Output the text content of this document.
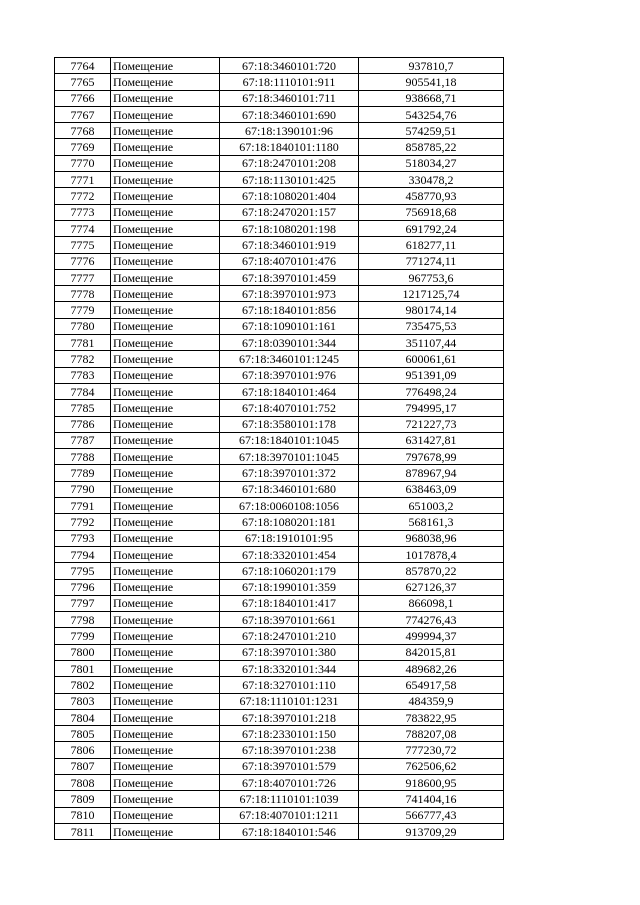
7764	Помещение	67:18:3460101:720	937810,7
7765	Помещение	67:18:1110101:911	905541,18
7766	Помещение	67:18:3460101:711	938668,71
7767	Помещение	67:18:3460101:690	543254,76
7768	Помещение	67:18:1390101:96	574259,51
7769	Помещение	67:18:1840101:1180	858785,22
7770	Помещение	67:18:2470101:208	518034,27
7771	Помещение	67:18:1130101:425	330478,2
7772	Помещение	67:18:1080201:404	458770,93
7773	Помещение	67:18:2470201:157	756918,68
7774	Помещение	67:18:1080201:198	691792,24
7775	Помещение	67:18:3460101:919	618277,11
7776	Помещение	67:18:4070101:476	771274,11
7777	Помещение	67:18:3970101:459	967753,6
7778	Помещение	67:18:3970101:973	1217125,74
7779	Помещение	67:18:1840101:856	980174,14
7780	Помещение	67:18:1090101:161	735475,53
7781	Помещение	67:18:0390101:344	351107,44
7782	Помещение	67:18:3460101:1245	600061,61
7783	Помещение	67:18:3970101:976	951391,09
7784	Помещение	67:18:1840101:464	776498,24
7785	Помещение	67:18:4070101:752	794995,17
7786	Помещение	67:18:3580101:178	721227,73
7787	Помещение	67:18:1840101:1045	631427,81
7788	Помещение	67:18:3970101:1045	797678,99
7789	Помещение	67:18:3970101:372	878967,94
7790	Помещение	67:18:3460101:680	638463,09
7791	Помещение	67:18:0060108:1056	651003,2
7792	Помещение	67:18:1080201:181	568161,3
7793	Помещение	67:18:1910101:95	968038,96
7794	Помещение	67:18:3320101:454	1017878,4
7795	Помещение	67:18:1060201:179	857870,22
7796	Помещение	67:18:1990101:359	627126,37
7797	Помещение	67:18:1840101:417	866098,1
7798	Помещение	67:18:3970101:661	774276,43
7799	Помещение	67:18:2470101:210	499994,37
7800	Помещение	67:18:3970101:380	842015,81
7801	Помещение	67:18:3320101:344	489682,26
7802	Помещение	67:18:3270101:110	654917,58
7803	Помещение	67:18:1110101:1231	484359,9
7804	Помещение	67:18:3970101:218	783822,95
7805	Помещение	67:18:2330101:150	788207,08
7806	Помещение	67:18:3970101:238	777230,72
7807	Помещение	67:18:3970101:579	762506,62
7808	Помещение	67:18:4070101:726	918600,95
7809	Помещение	67:18:1110101:1039	741404,16
7810	Помещение	67:18:4070101:1211	566777,43
7811	Помещение	67:18:1840101:546	913709,29
